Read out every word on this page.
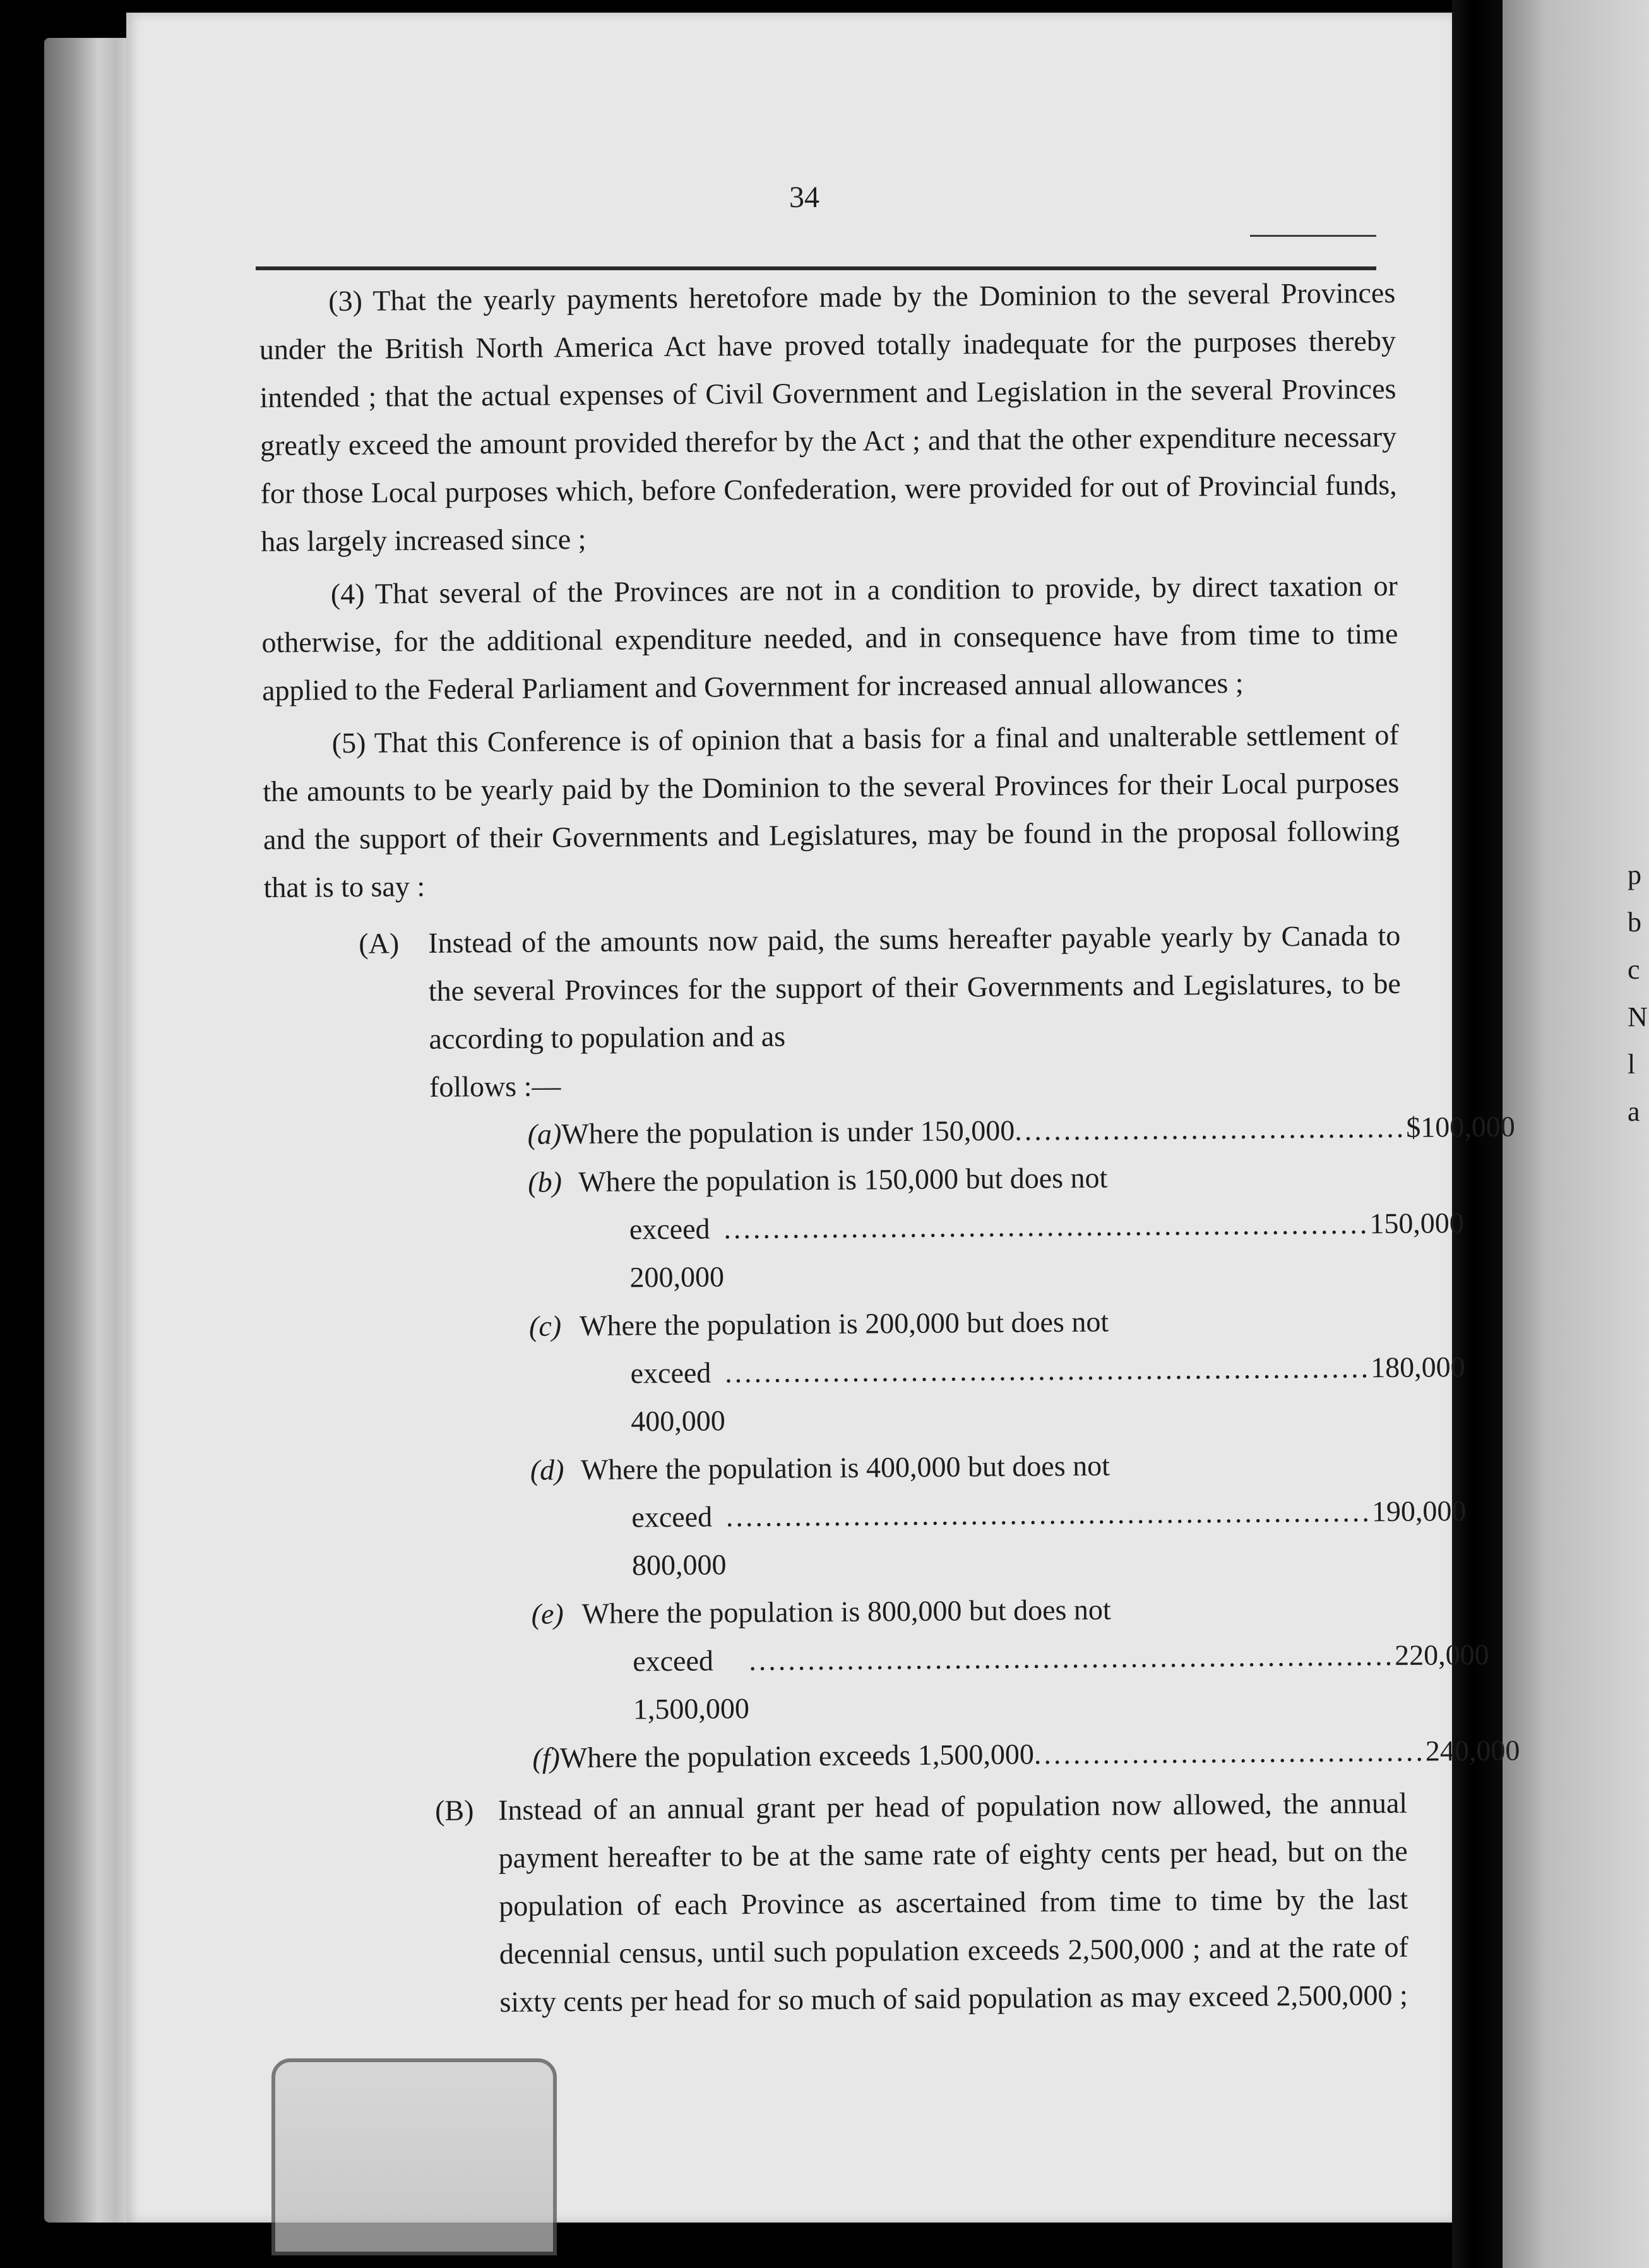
p
b
c
N
l
a
34

(3) That the yearly payments heretofore made by the Dominion to the several Provinces under the British North America Act have proved totally inadequate for the purposes thereby intended ; that the actual expenses of Civil Government and Legislation in the several Provinces greatly exceed the amount provided therefor by the Act ; and that the other expenditure necessary for those Local purposes which, before Confederation, were provided for out of Provincial funds, has largely increased since ;

(4) That several of the Provinces are not in a condition to provide, by direct taxation or otherwise, for the additional expenditure needed, and in consequence have from time to time applied to the Federal Parliament and Government for increased annual allowances ;

(5) That this Conference is of opinion that a basis for a final and unalterable settlement of the amounts to be yearly paid by the Dominion to the several Provinces for their Local purposes and the support of their Governments and Legislatures, may be found in the proposal following that is to say :

(A) Instead of the amounts now paid, the sums hereafter payable yearly by Canada to the several Provinces for the support of their Governments and Legislatures, to be according to population and as
follows :—
(a) Where the population is under 150,000 ........................................ $100,000
(b) Where the population is 150,000 but does not
exceed 200,000
.................................................................. 150,000
(c) Where the population is 200,000 but does not
exceed 400,000
.................................................................. 180,000
(d) Where the population is 400,000 but does not
exceed 800,000
.................................................................. 190,000
(e) Where the population is 800,000 but does not
exceed 1,500,000
.................................................................. 220,000
(f) Where the population exceeds 1,500,000 ........................................ 240,000
(B) Instead of an annual grant per head of population now allowed, the annual payment hereafter to be at the same rate of eighty cents per head, but on the population of each Province as ascertained from time to time by the last decennial census, until such population exceeds 2,500,000 ; and at the rate of sixty cents per head for so much of said population as may exceed 2,500,000 ;
